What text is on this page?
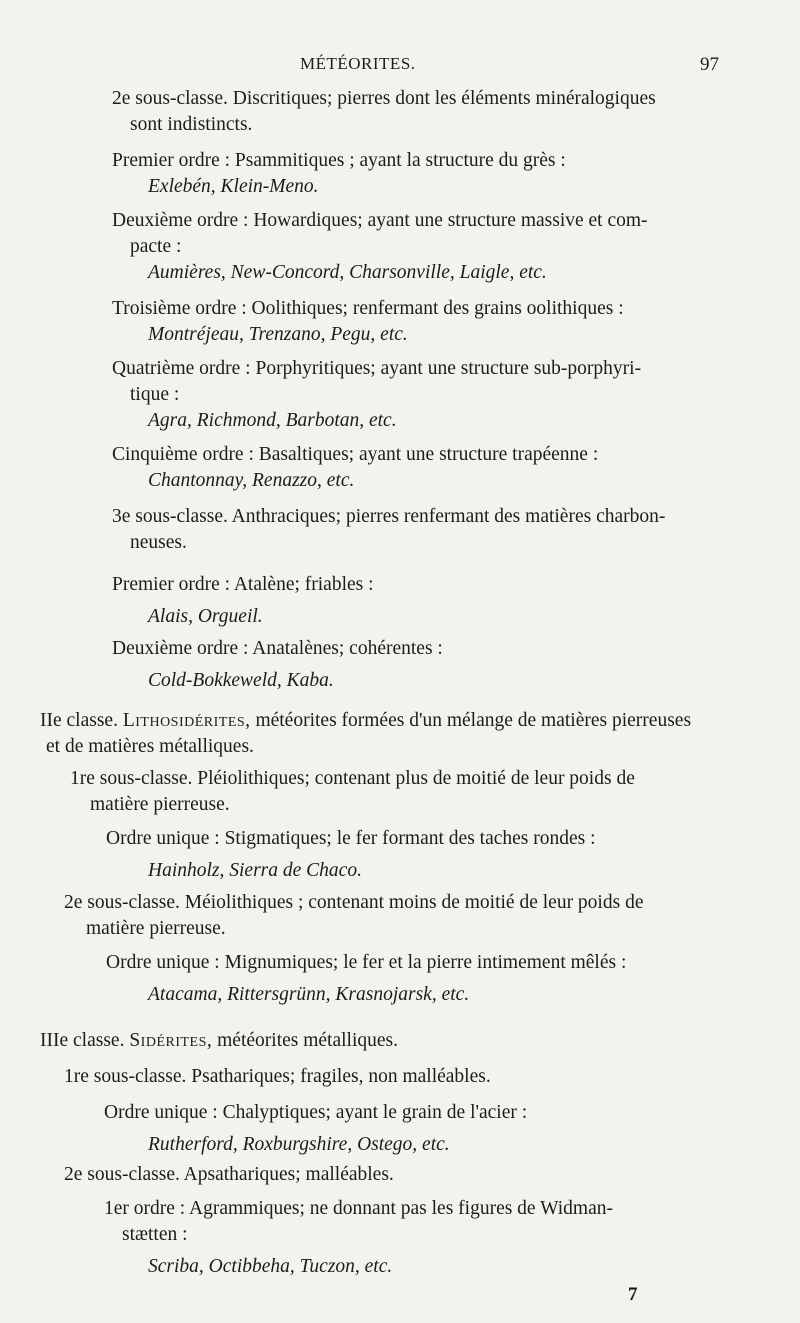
MÉTÉORITES.	97
2e sous-classe. Discritiques; pierres dont les éléments minéralogiques
sont indistincts.
Premier ordre : Psammitiques ; ayant la structure du grès :
Exlebén, Klein-Meno.
Deuxième ordre : Howardiques; ayant une structure massive et com-
pacte :
Aumières, New-Concord, Charsonville, Laigle, etc.
Troisième ordre : Oolithiques; renfermant des grains oolithiques :
Montréjeau, Trenzano, Pegu, etc.
Quatrième ordre : Porphyritiques; ayant une structure sub-porphyri-
tique :
Agra, Richmond, Barbotan, etc.
Cinquième ordre : Basaltiques; ayant une structure trapéenne :
Chantonnay, Renazzo, etc.
3e sous-classe. Anthraciques; pierres renfermant des matières charbon-
neuses.
Premier ordre : Atalène; friables :
Alais, Orgueil.
Deuxième ordre : Anatalènes; cohérentes :
Cold-Bokkeweld, Kaba.
IIe classe. Lithosidérites, météorites formées d'un mélange de matières pierreuses
et de matières métalliques.
1re sous-classe. Pléiolithiques; contenant plus de moitié de leur poids de
matière pierreuse.
Ordre unique : Stigmatiques; le fer formant des taches rondes :
Hainholz, Sierra de Chaco.
2e sous-classe. Méiolithiques ; contenant moins de moitié de leur poids de
matière pierreuse.
Ordre unique : Mignumiques; le fer et la pierre intimement mêlés :
Atacama, Rittersgrünn, Krasnojarsk, etc.
IIIe classe. Sidérites, météorites métalliques.
1re sous-classe. Psathariques; fragiles, non malléables.
Ordre unique : Chalyptiques; ayant le grain de l'acier :
Rutherford, Roxburgshire, Ostego, etc.
2e sous-classe. Apsathariques; malléables.
1er ordre : Agrammiques; ne donnant pas les figures de Widman-
stætten :
Scriba, Octibbeha, Tuczon, etc.
7
